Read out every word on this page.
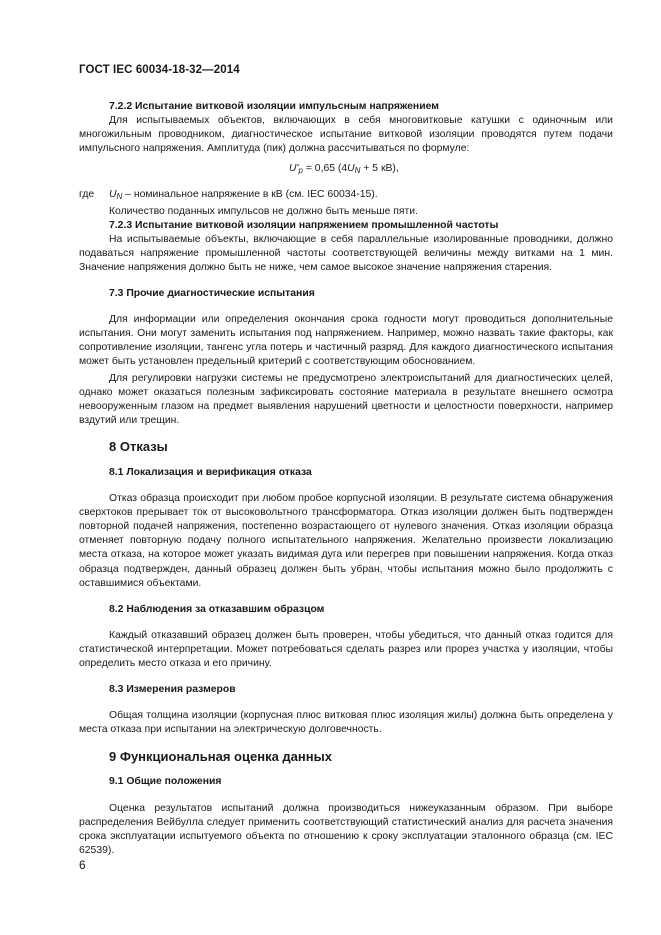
ГОСТ IEC 60034-18-32—2014

7.2.2 Испытание витковой изоляции импульсным напряжением

Для испытываемых объектов, включающих в себя многовитковые катушки с одиночным или многожильным проводником, диагностическое испытание витковой изоляции проводятся путем подачи импульсного напряжения. Амплитуда (пик) должна рассчитываться по формуле:

$U'_p = 0,65$ ($4U_N + 5$ кВ),

где	$U_N$ – номинальное напряжение в кВ (см. IEC 60034-15).

Количество поданных импульсов не должно быть меньше пяти.

7.2.3 Испытание витковой изоляции напряжением промышленной частоты

На испытываемые объекты, включающие в себя параллельные изолированные проводники, должно подаваться напряжение промышленной частоты соответствующей величины между витками на 1 мин. Значение напряжения должно быть не ниже, чем самое высокое значение напряжения старения.

7.3 Прочие диагностические испытания

Для информации или определения окончания срока годности могут проводиться дополнительные испытания. Они могут заменить испытания под напряжением. Например, можно назвать такие факторы, как сопротивление изоляции, тангенс угла потерь и частичный разряд. Для каждого диагностического испытания может быть установлен предельный критерий с соответствующим обоснованием.

Для регулировки нагрузки системы не предусмотрено электроиспытаний для диагностических целей, однако может оказаться полезным зафиксировать состояние материала в результате внешнего осмотра невооруженным глазом на предмет выявления нарушений цветности и целостности поверхности, например вздутий или трещин.

8 Отказы

8.1 Локализация и верификация отказа

Отказ образца происходит при любом пробое корпусной изоляции. В результате система обнаружения сверхтоков прерывает ток от высоковольтного трансформатора. Отказ изоляции должен быть подтвержден повторной подачей напряжения, постепенно возрастающего от нулевого значения. Отказ изоляции образца отменяет повторную подачу полного испытательного напряжения. Желательно произвести локализацию места отказа, на которое может указать видимая дуга или перегрев при повышении напряжения. Когда отказ образца подтвержден, данный образец должен быть убран, чтобы испытания можно было продолжить с оставшимися объектами.

8.2 Наблюдения за отказавшим образцом

Каждый отказавший образец должен быть проверен, чтобы убедиться, что данный отказ годится для статистической интерпретации. Может потребоваться сделать разрез или прорез участка у изоляции, чтобы определить место отказа и его причину.

8.3 Измерения размеров

Общая толщина изоляции (корпусная плюс витковая плюс изоляция жилы) должна быть определена у места отказа при испытании на электрическую долговечность.

9 Функциональная оценка данных

9.1 Общие положения

Оценка результатов испытаний должна производиться нижеуказанным образом. При выборе распределения Вейбулла следует применить соответствующий статистический анализ для расчета значения срока эксплуатации испытуемого объекта по отношению к сроку эксплуатации эталонного образца (см. IEC 62539).

6
